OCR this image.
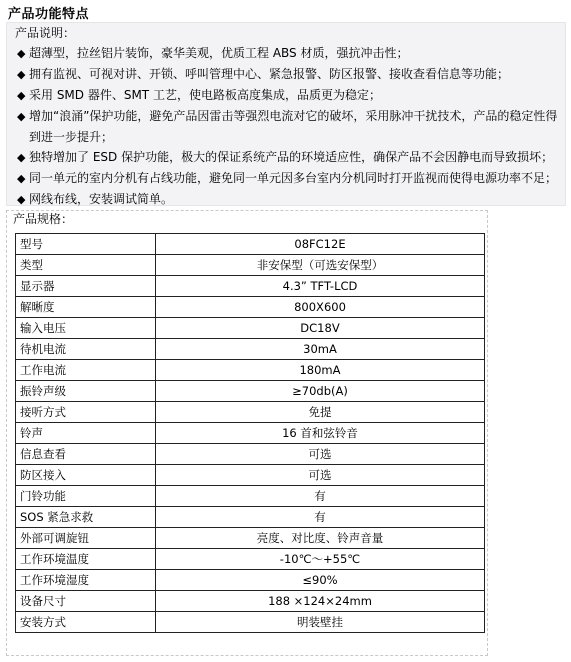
产品功能特点
产品说明：
◆ 超薄型，拉丝铝片装饰，豪华美观，优质工程 ABS 材质，强抗冲击性；
◆ 拥有监视、可视对讲、开锁、呼叫管理中心、紧急报警、防区报警、接收查看信息等功能；
◆ 采用 SMD 器件、SMT 工艺，使电路板高度集成，品质更为稳定；
◆ 增加“浪涌”保护功能，避免产品因雷击等强烈电流对它的破坏，采用脉冲干扰技术，产品的稳定性得到进一步提升；
◆ 独特增加了 ESD 保护功能，极大的保证系统产品的环境适应性，确保产品不会因静电而导致损坏；
◆ 同一单元的室内分机有占线功能，避免同一单元因多台室内分机同时打开监视而使得电源功率不足；
◆ 网线布线，安装调试简单。
产品规格：
型号	08FC12E
类型	非安保型（可选安保型）
显示器	4.3” TFT-LCD
解晰度	800X600
输入电压	DC18V
待机电流	30mA
工作电流	180mA
振铃声级	≥70db(A)
接听方式	免提
铃声	16 首和弦铃音
信息查看	可选
防区接入	可选
门铃功能	有
SOS 紧急求救	有
外部可调旋钮	亮度、对比度、铃声音量
工作环境温度	-10℃～+55℃
工作环境湿度	≤90%
设备尺寸	188 ×124×24mm
安装方式	明装壁挂
